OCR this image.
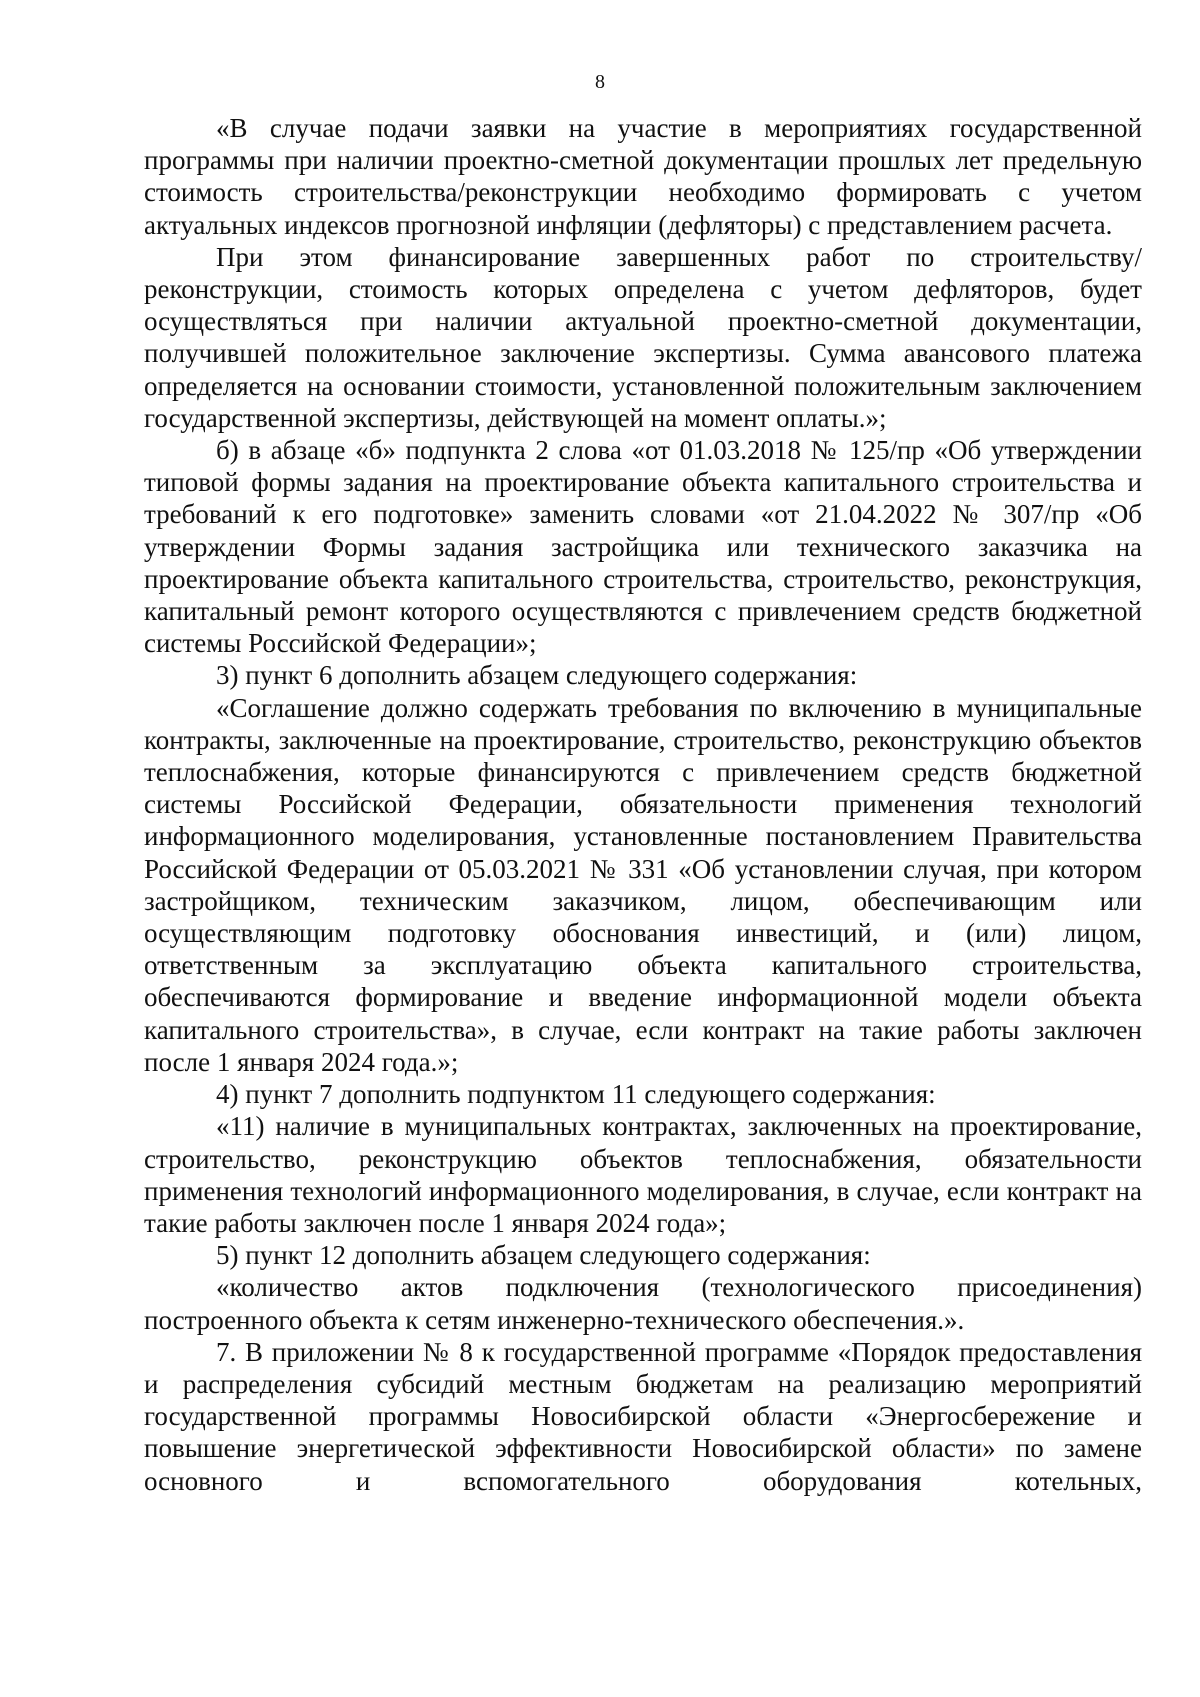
8

«В случае подачи заявки на участие в мероприятиях государственной программы при наличии проектно-сметной документации прошлых лет предельную стоимость строительства/реконструкции необходимо формировать с учетом актуальных индексов прогнозной инфляции (дефляторы) с представлением расчета.

При этом финансирование завершенных работ по строительству/реконструкции, стоимость которых определена с учетом дефляторов, будет осуществляться при наличии актуальной проектно-сметной документации, получившей положительное заключение экспертизы. Сумма авансового платежа определяется на основании стоимости, установленной положительным заключением государственной экспертизы, действующей на момент оплаты.»;

б) в абзаце «б» подпункта 2 слова «от 01.03.2018 № 125/пр «Об утверждении типовой формы задания на проектирование объекта капитального строительства и требований к его подготовке» заменить словами «от 21.04.2022 № 307/пр «Об утверждении Формы задания застройщика или технического заказчика на проектирование объекта капитального строительства, строительство, реконструкция, капитальный ремонт которого осуществляются с привлечением средств бюджетной системы Российской Федерации»;

3) пункт 6 дополнить абзацем следующего содержания:

«Соглашение должно содержать требования по включению в муниципальные контракты, заключенные на проектирование, строительство, реконструкцию объектов теплоснабжения, которые финансируются с привлечением средств бюджетной системы Российской Федерации, обязательности применения технологий информационного моделирования, установленные постановлением Правительства Российской Федерации от 05.03.2021 № 331 «Об установлении случая, при котором застройщиком, техническим заказчиком, лицом, обеспечивающим или осуществляющим подготовку обоснования инвестиций, и (или) лицом, ответственным за эксплуатацию объекта капитального строительства, обеспечиваются формирование и введение информационной модели объекта капитального строительства», в случае, если контракт на такие работы заключен после 1 января 2024 года.»;

4) пункт 7 дополнить подпунктом 11 следующего содержания:

«11) наличие в муниципальных контрактах, заключенных на проектирование, строительство, реконструкцию объектов теплоснабжения, обязательности применения технологий информационного моделирования, в случае, если контракт на такие работы заключен после 1 января 2024 года»;

5) пункт 12 дополнить абзацем следующего содержания:

«количество актов подключения (технологического присоединения) построенного объекта к сетям инженерно-технического обеспечения.».

7. В приложении № 8 к государственной программе «Порядок предоставления и распределения субсидий местным бюджетам на реализацию мероприятий государственной программы Новосибирской области «Энергосбережение и повышение энергетической эффективности Новосибирской области» по замене основного и вспомогательного оборудования котельных,
